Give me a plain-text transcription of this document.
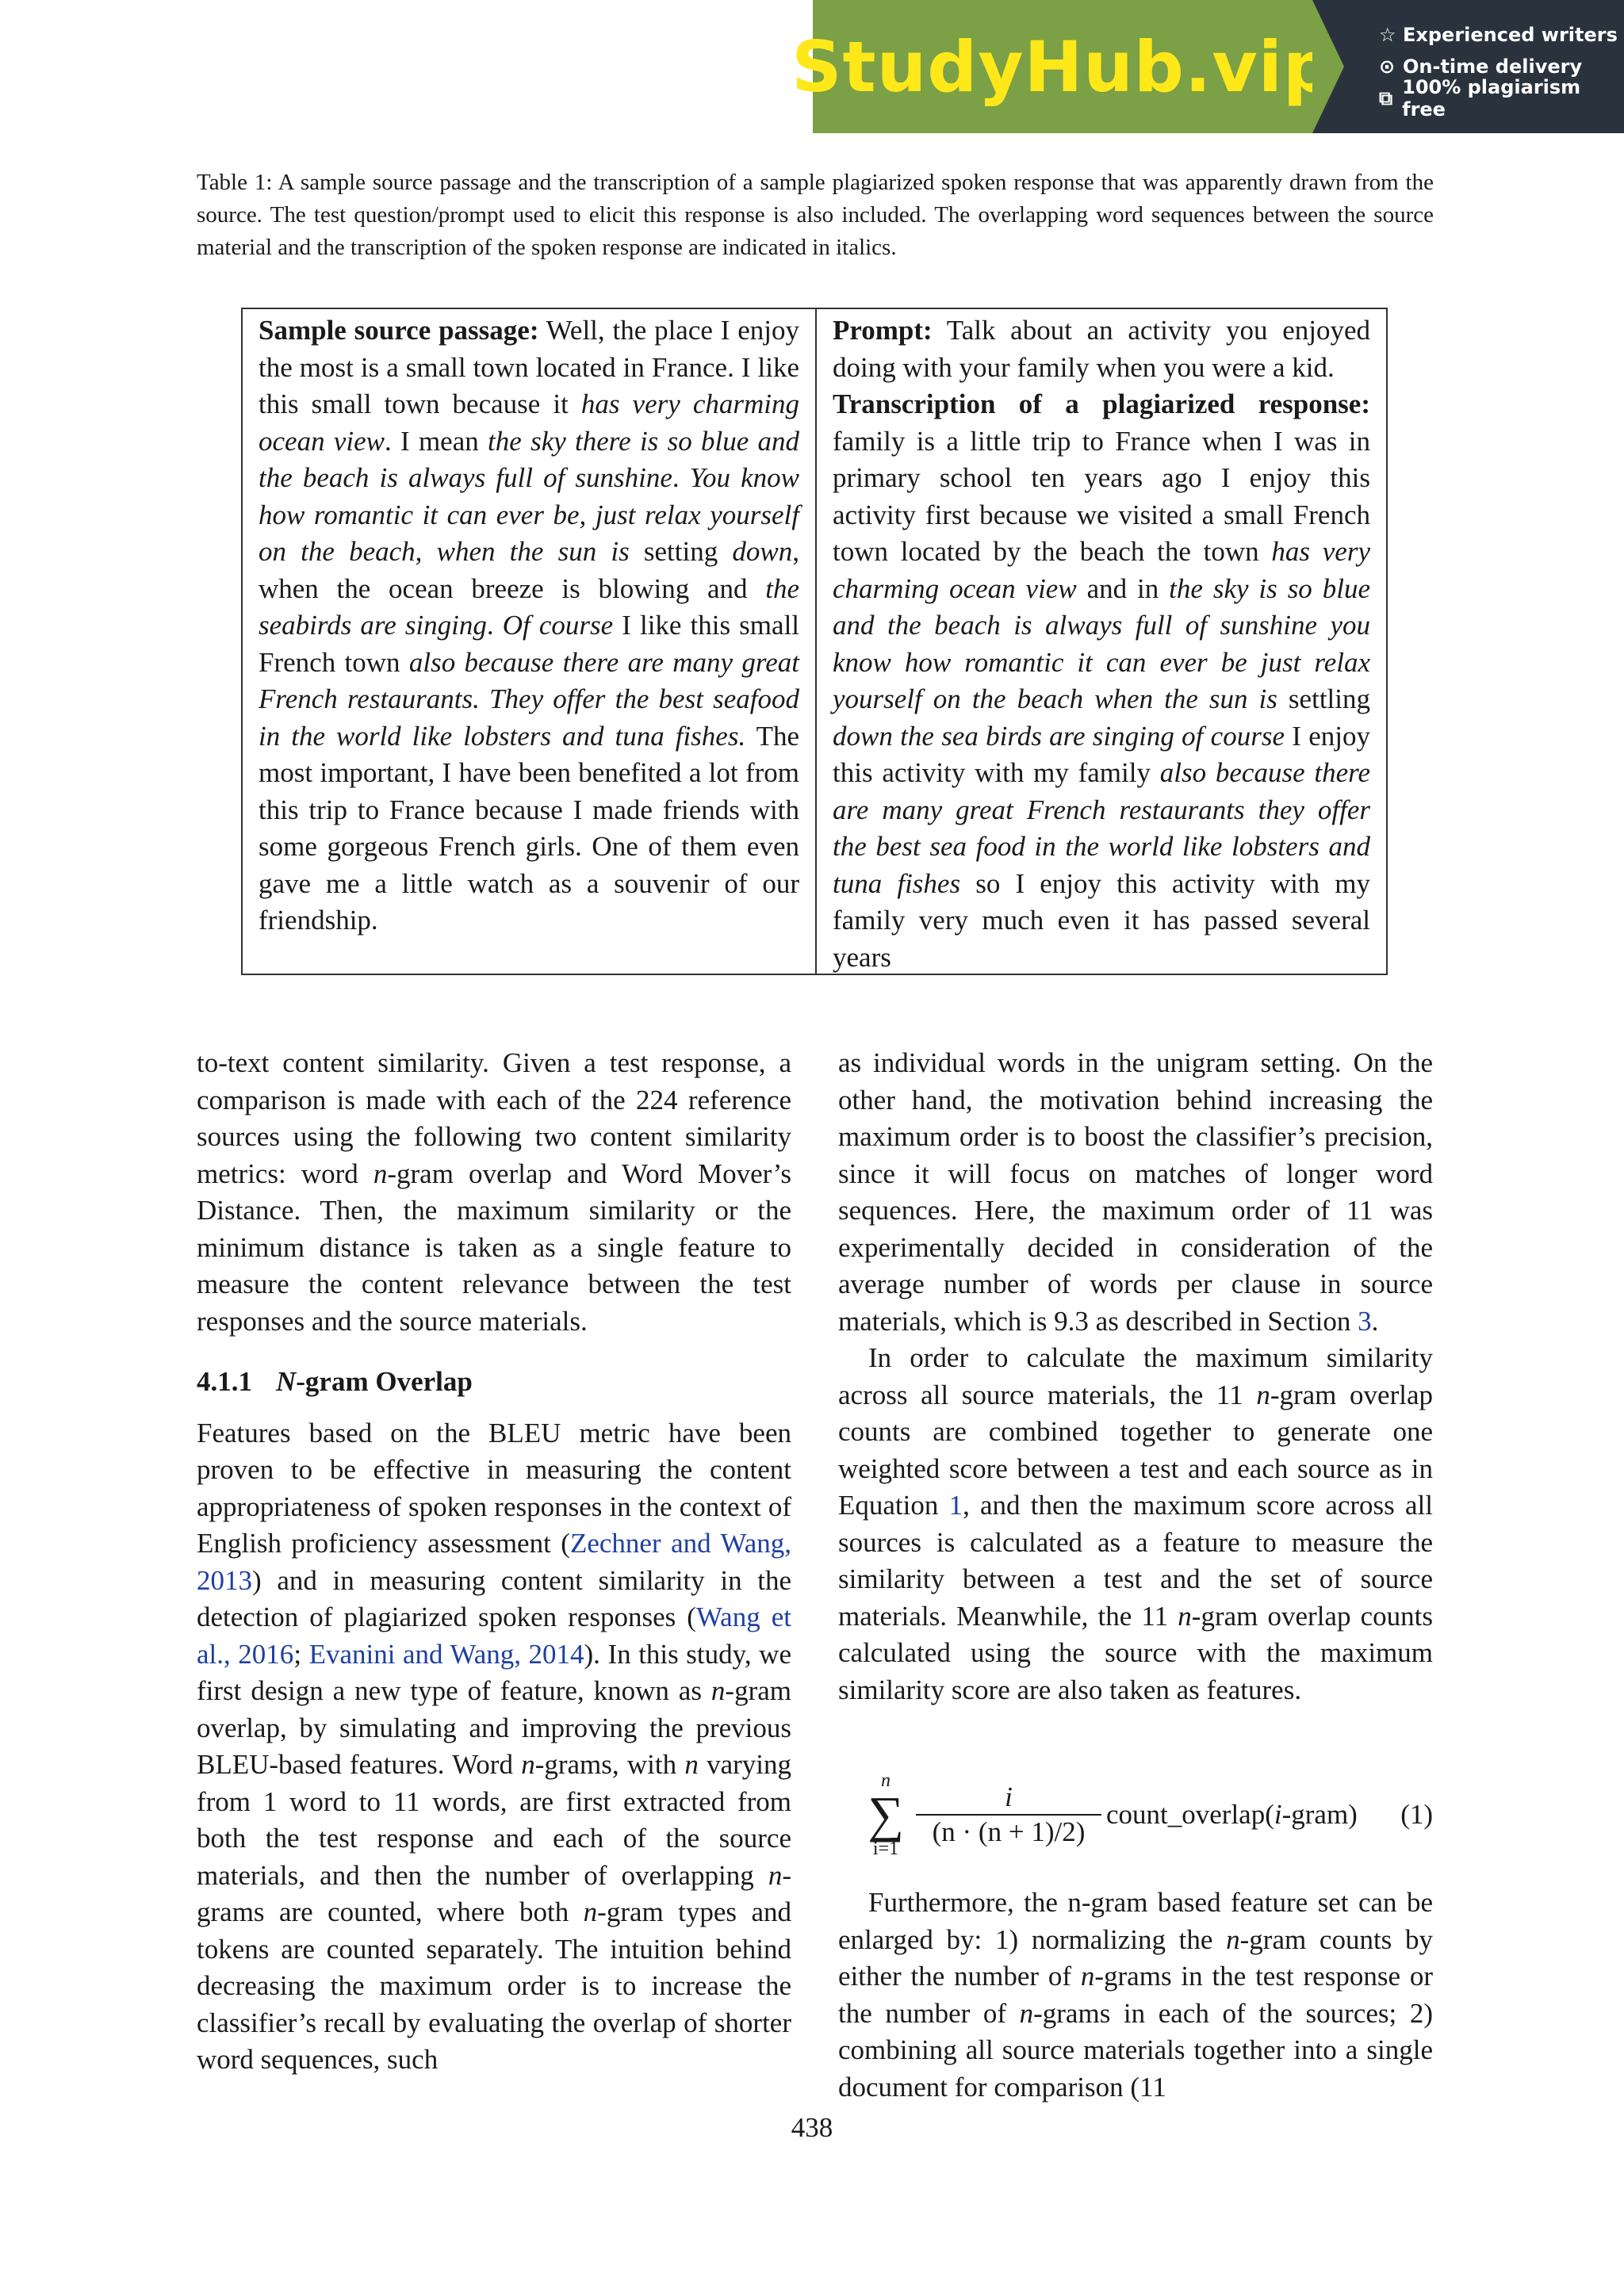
StudyHub.vip ☆ Experienced writers
⊙ On-time delivery
⧉ 100% plagiarism free
Table 1: A sample source passage and the transcription of a sample plagiarized spoken response that was apparently drawn from the source. The test question/prompt used to elicit this response is also included. The overlapping word sequences between the source material and the transcription of the spoken response are indicated in italics.
Sample source passage: Well, the place I enjoy the most is a small town located in France. I like this small town because it has very charming ocean view. I mean the sky there is so blue and the beach is always full of sunshine. You know how romantic it can ever be, just relax yourself on the beach, when the sun is setting down, when the ocean breeze is blowing and the seabirds are singing. Of course I like this small French town also because there are many great French restaurants. They offer the best seafood in the world like lobsters and tuna fishes. The most important, I have been benefited a lot from this trip to France because I made friends with some gorgeous French girls. One of them even gave me a little watch as a souvenir of our friendship.
Prompt: Talk about an activity you enjoyed doing with your family when you were a kid.
Transcription of a plagiarized response: family is a little trip to France when I was in primary school ten years ago I enjoy this activity first because we visited a small French town located by the beach the town has very charming ocean view and in the sky is so blue and the beach is always full of sunshine you know how romantic it can ever be just relax yourself on the beach when the sun is settling down the sea birds are singing of course I enjoy this activity with my family also because there are many great French restaurants they offer the best sea food in the world like lobsters and tuna fishes so I enjoy this activity with my family very much even it has passed several years

to-text content similarity. Given a test response, a comparison is made with each of the 224 reference sources using the following two content similarity metrics: word n-gram overlap and Word Mover’s Distance. Then, the maximum similarity or the minimum distance is taken as a single feature to measure the content relevance between the test responses and the source materials.

4.1.1 N-gram Overlap

Features based on the BLEU metric have been proven to be effective in measuring the content appropriateness of spoken responses in the context of English proficiency assessment (Zechner and Wang, 2013) and in measuring content similarity in the detection of plagiarized spoken responses (Wang et al., 2016; Evanini and Wang, 2014). In this study, we first design a new type of feature, known as n-gram overlap, by simulating and improving the previous BLEU-based features. Word n-grams, with n varying from 1 word to 11 words, are first extracted from both the test response and each of the source materials, and then the number of overlapping n-grams are counted, where both n-gram types and tokens are counted separately. The intuition behind decreasing the maximum order is to increase the classifier’s recall by evaluating the overlap of shorter word sequences, such

as individual words in the unigram setting. On the other hand, the motivation behind increasing the maximum order is to boost the classifier’s precision, since it will focus on matches of longer word sequences. Here, the maximum order of 11 was experimentally decided in consideration of the average number of words per clause in source materials, which is 9.3 as described in Section 3.

In order to calculate the maximum similarity across all source materials, the 11 n-gram overlap counts are combined together to generate one weighted score between a test and each source as in Equation 1, and then the maximum score across all sources is calculated as a feature to measure the similarity between a test and the set of source materials. Meanwhile, the 11 n-gram overlap counts calculated using the source with the maximum similarity score are also taken as features.

n
∑
$i=1 \frac{i}{(n \cdot (n + 1)/2)}$ count_overlap(i-gram) (1)

Furthermore, the n-gram based feature set can be enlarged by: 1) normalizing the n-gram counts by either the number of n-grams in the test response or the number of n-grams in each of the sources; 2) combining all source materials together into a single document for comparison (11

438
